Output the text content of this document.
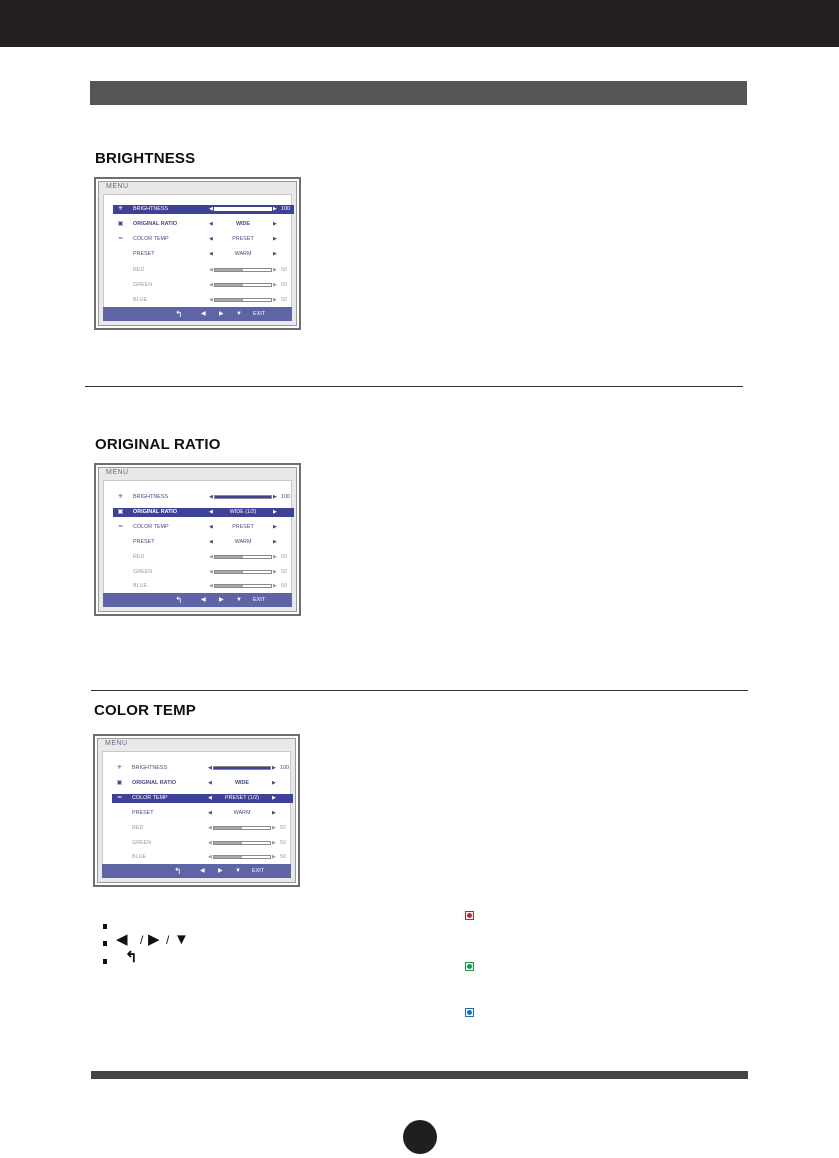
BRIGHTNESS
MENU
✳	BRIGHTNESS	◀	▶ 100
▣	ORIGINAL RATIO	◀	WIDE	▶
━	COLOR TEMP	◀	PRESET	▶
PRESET	◀	WARM	▶
RED	◀	▶ 50
GREEN	◀	▶ 50
BLUE	◀	▶ 50
↰	◀ ▶ ▼ EXIT
ORIGINAL RATIO
MENU
✳	BRIGHTNESS	◀	▶ 100
▣	ORIGINAL RATIO	◀	WIDE (1/2)	▶
━	COLOR TEMP	◀	PRESET	▶
PRESET	◀	WARM	▶
RED	◀	▶ 50
GREEN	◀	▶ 50
BLUE	◀	▶ 50
↰	◀ ▶ ▼ EXIT
COLOR TEMP
MENU
✳	BRIGHTNESS	◀	▶ 100
▣	ORIGINAL RATIO	◀	WIDE	▶
━	COLOR TEMP	◀	PRESET (1/2)	▶
PRESET	◀	WARM	▶
RED	◀	▶ 50
GREEN	◀	▶ 50
BLUE	◀	▶ 50
↰	◀ ▶ ▼ EXIT
◀ / ▶ / ▼
↰
